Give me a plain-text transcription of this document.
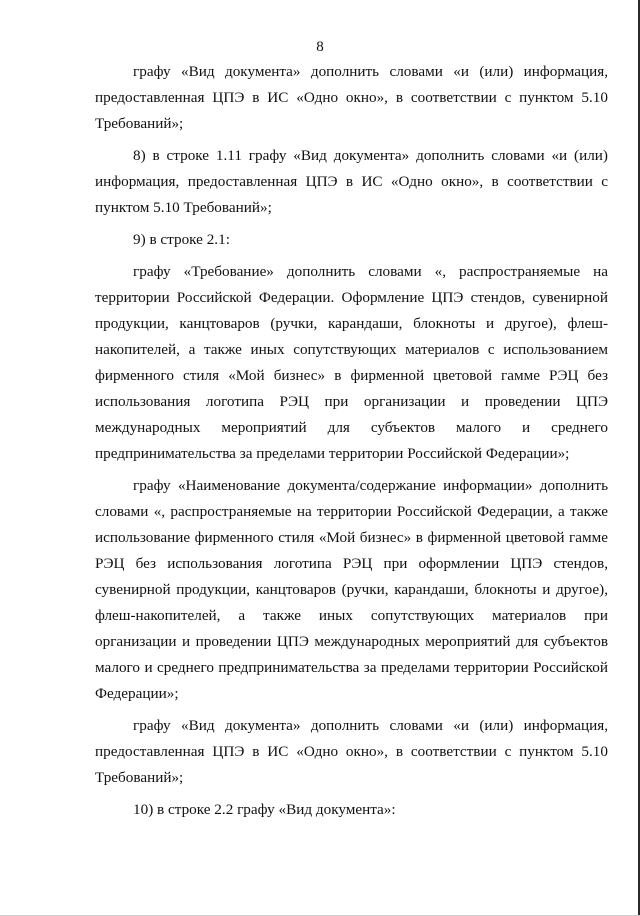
8

графу «Вид документа» дополнить словами «и (или) информация, предоставленная ЦПЭ в ИС «Одно окно», в соответствии с пунктом 5.10 Требований»;

8) в строке 1.11 графу «Вид документа» дополнить словами «и (или) информация, предоставленная ЦПЭ в ИС «Одно окно», в соответствии с пунктом 5.10 Требований»;

9) в строке 2.1:

графу «Требование» дополнить словами «, распространяемые на территории Российской Федерации. Оформление ЦПЭ стендов, сувенирной продукции, канцтоваров (ручки, карандаши, блокноты и другое), флеш-накопителей, а также иных сопутствующих материалов с использованием фирменного стиля «Мой бизнес» в фирменной цветовой гамме РЭЦ без использования логотипа РЭЦ при организации и проведении ЦПЭ международных мероприятий для субъектов малого и среднего предпринимательства за пределами территории Российской Федерации»;

графу «Наименование документа/содержание информации» дополнить словами «, распространяемые на территории Российской Федерации, а также использование фирменного стиля «Мой бизнес» в фирменной цветовой гамме РЭЦ без использования логотипа РЭЦ при оформлении ЦПЭ стендов, сувенирной продукции, канцтоваров (ручки, карандаши, блокноты и другое), флеш-накопителей, а также иных сопутствующих материалов при организации и проведении ЦПЭ международных мероприятий для субъектов малого и среднего предпринимательства за пределами территории Российской Федерации»;

графу «Вид документа» дополнить словами «и (или) информация, предоставленная ЦПЭ в ИС «Одно окно», в соответствии с пунктом 5.10 Требований»;

10) в строке 2.2 графу «Вид документа»:
